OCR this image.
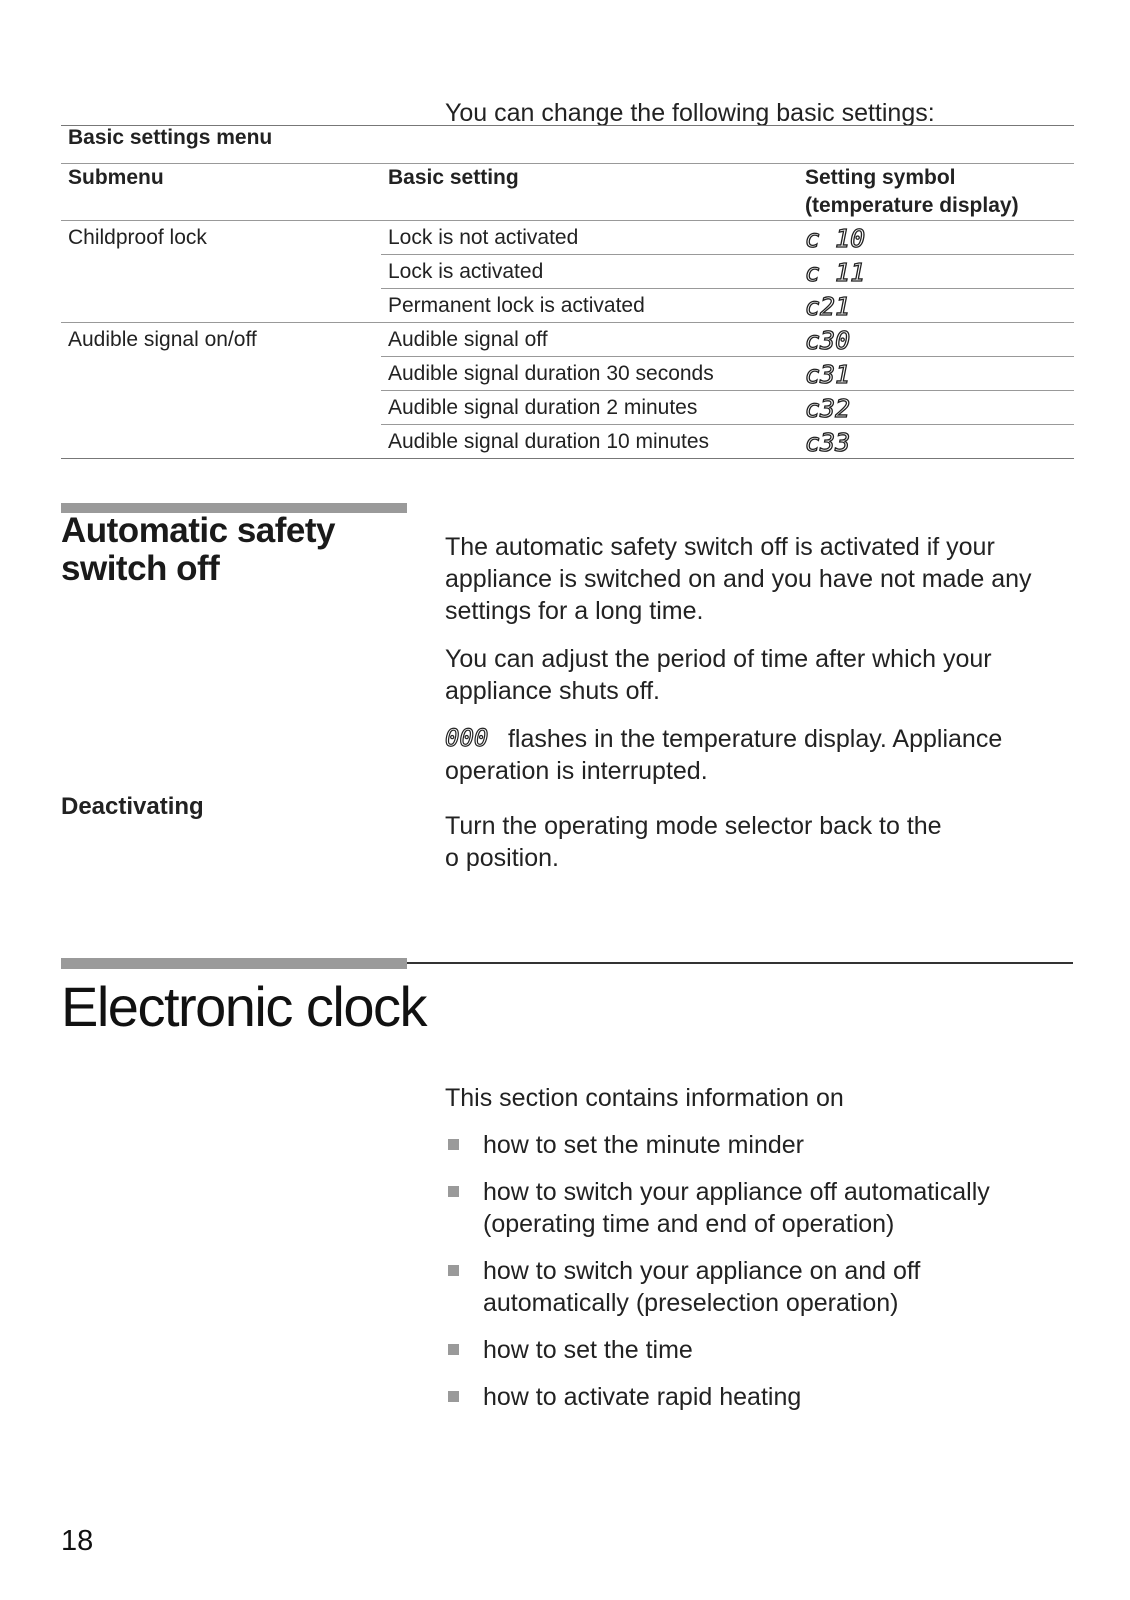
You can change the following basic settings:

Basic settings menu		
Submenu	Basic setting	Setting symbol
(temperature display)

Childproof lock	Lock is not activated	c 10

	Lock is activated	c 11

	Permanent lock is activated	c21

Audible signal on/off	Audible signal off	c30

	Audible signal duration 30 seconds	c31

	Audible signal duration 2 minutes	c32

	Audible signal duration 10 minutes	c33
Automatic safety
switch off

The automatic safety switch off is activated if your appliance is switched on and you have not made any settings for a long time.

You can adjust the period of time after which your appliance shuts off.

000 flashes in the temperature display. Appliance operation is interrupted.

Deactivating

Turn the operating mode selector back to the
o position.

Electronic clock

This section contains information on

how to set the minute minder
how to switch your appliance off automatically (operating time and end of operation)
how to switch your appliance on and off automatically (preselection operation)
how to set the time
how to activate rapid heating

18
